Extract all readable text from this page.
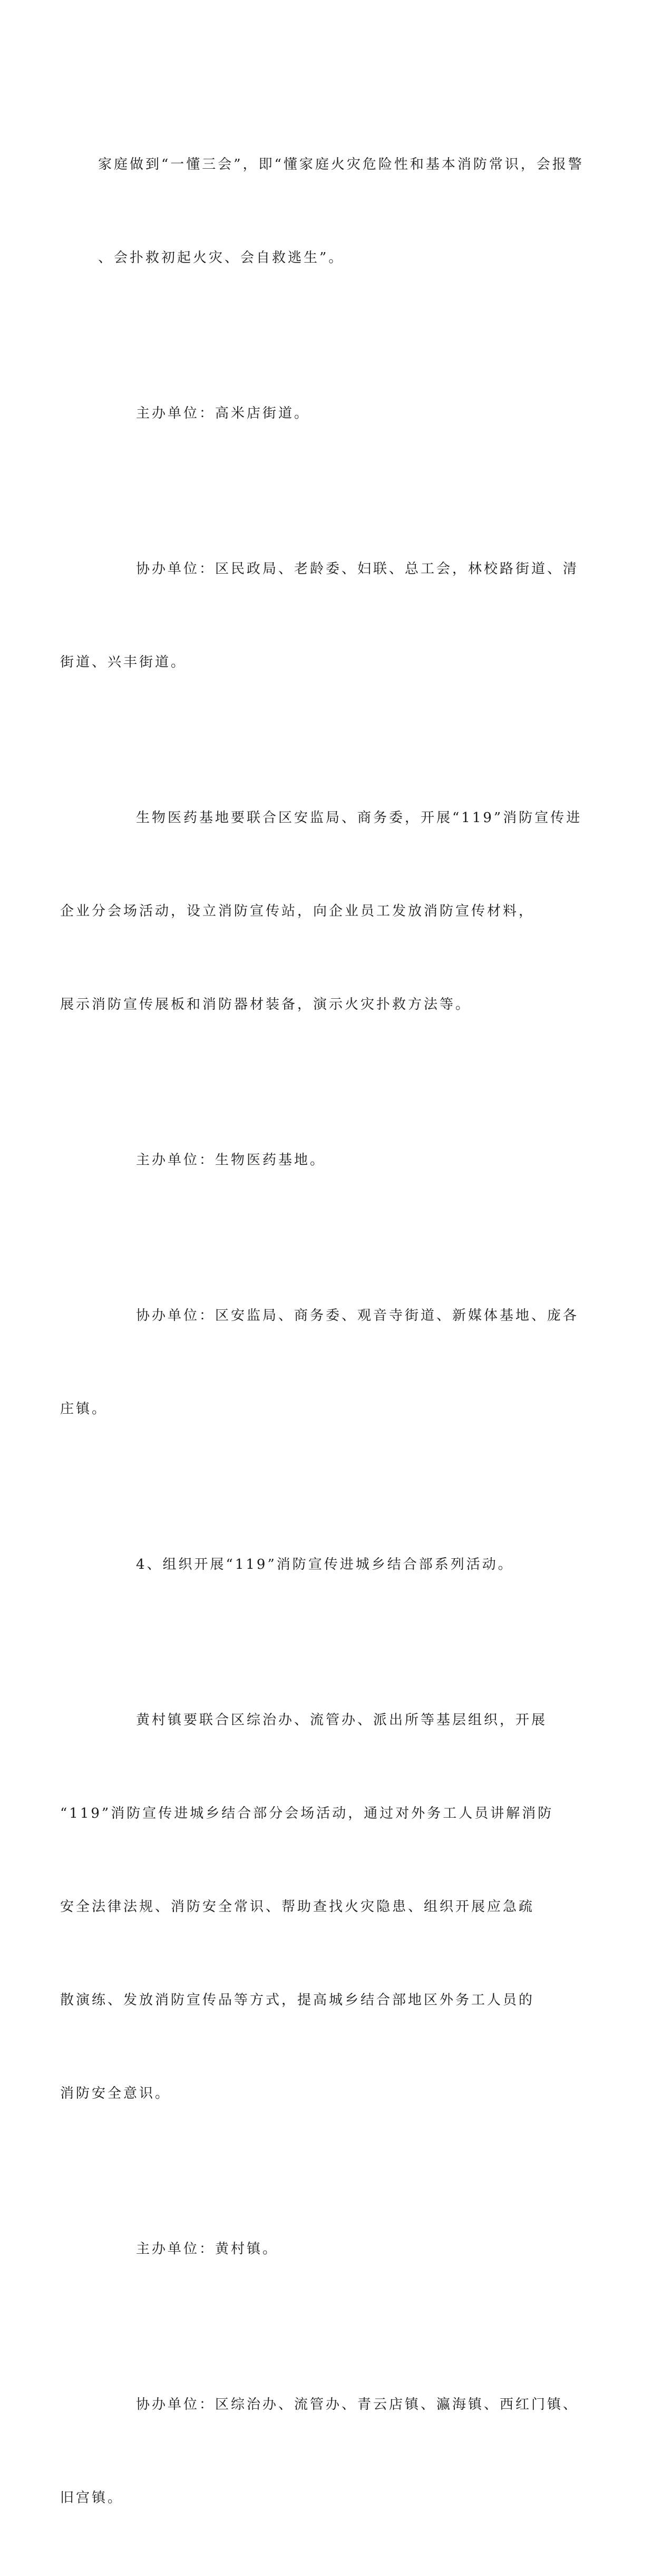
家庭做到“一懂三会”，即“懂家庭火灾危险性和基本消防常识，会报警

、会扑救初起火灾、会自救逃生”。

主办单位：高米店街道。

协办单位：区民政局、老龄委、妇联、总工会，林校路街道、清

街道、兴丰街道。

生物医药基地要联合区安监局、商务委，开展“119”消防宣传进

企业分会场活动，设立消防宣传站，向企业员工发放消防宣传材料，

展示消防宣传展板和消防器材装备，演示火灾扑救方法等。

主办单位：生物医药基地。

协办单位：区安监局、商务委、观音寺街道、新媒体基地、庞各

庄镇。

4、组织开展“119”消防宣传进城乡结合部系列活动。

黄村镇要联合区综治办、流管办、派出所等基层组织，开展

“119”消防宣传进城乡结合部分会场活动，通过对外务工人员讲解消防

安全法律法规、消防安全常识、帮助查找火灾隐患、组织开展应急疏

散演练、发放消防宣传品等方式，提高城乡结合部地区外务工人员的

消防安全意识。

主办单位：黄村镇。

协办单位：区综治办、流管办、青云店镇、瀛海镇、西红门镇、

旧宫镇。
